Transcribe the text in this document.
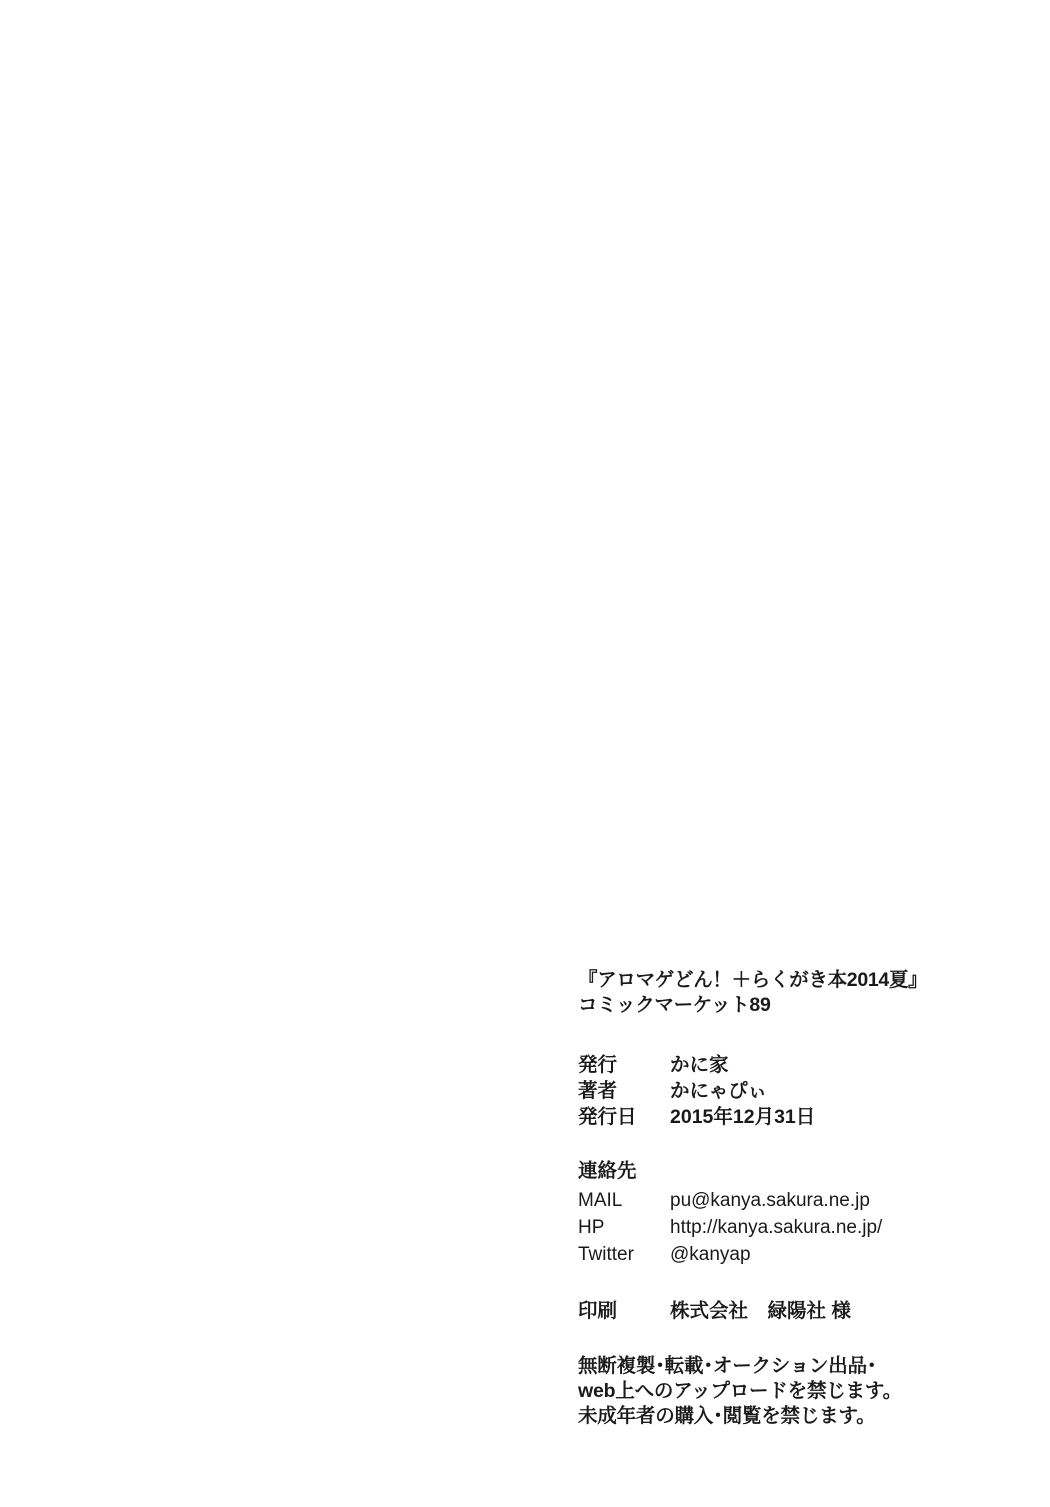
『アロマゲどん！＋らくがき本2014夏』
コミックマーケット89
発行	かに家
著者	かにゃぴぃ
発行日	2015年12月31日
連絡先
MAIL	pu@kanya.sakura.ne.jp
HP	http://kanya.sakura.ne.jp/
Twitter	@kanyap
印刷	株式会社　緑陽社 様
無断複製･転載･オークション出品･
web上へのアップロードを禁じます。
未成年者の購入･閲覧を禁じます。
